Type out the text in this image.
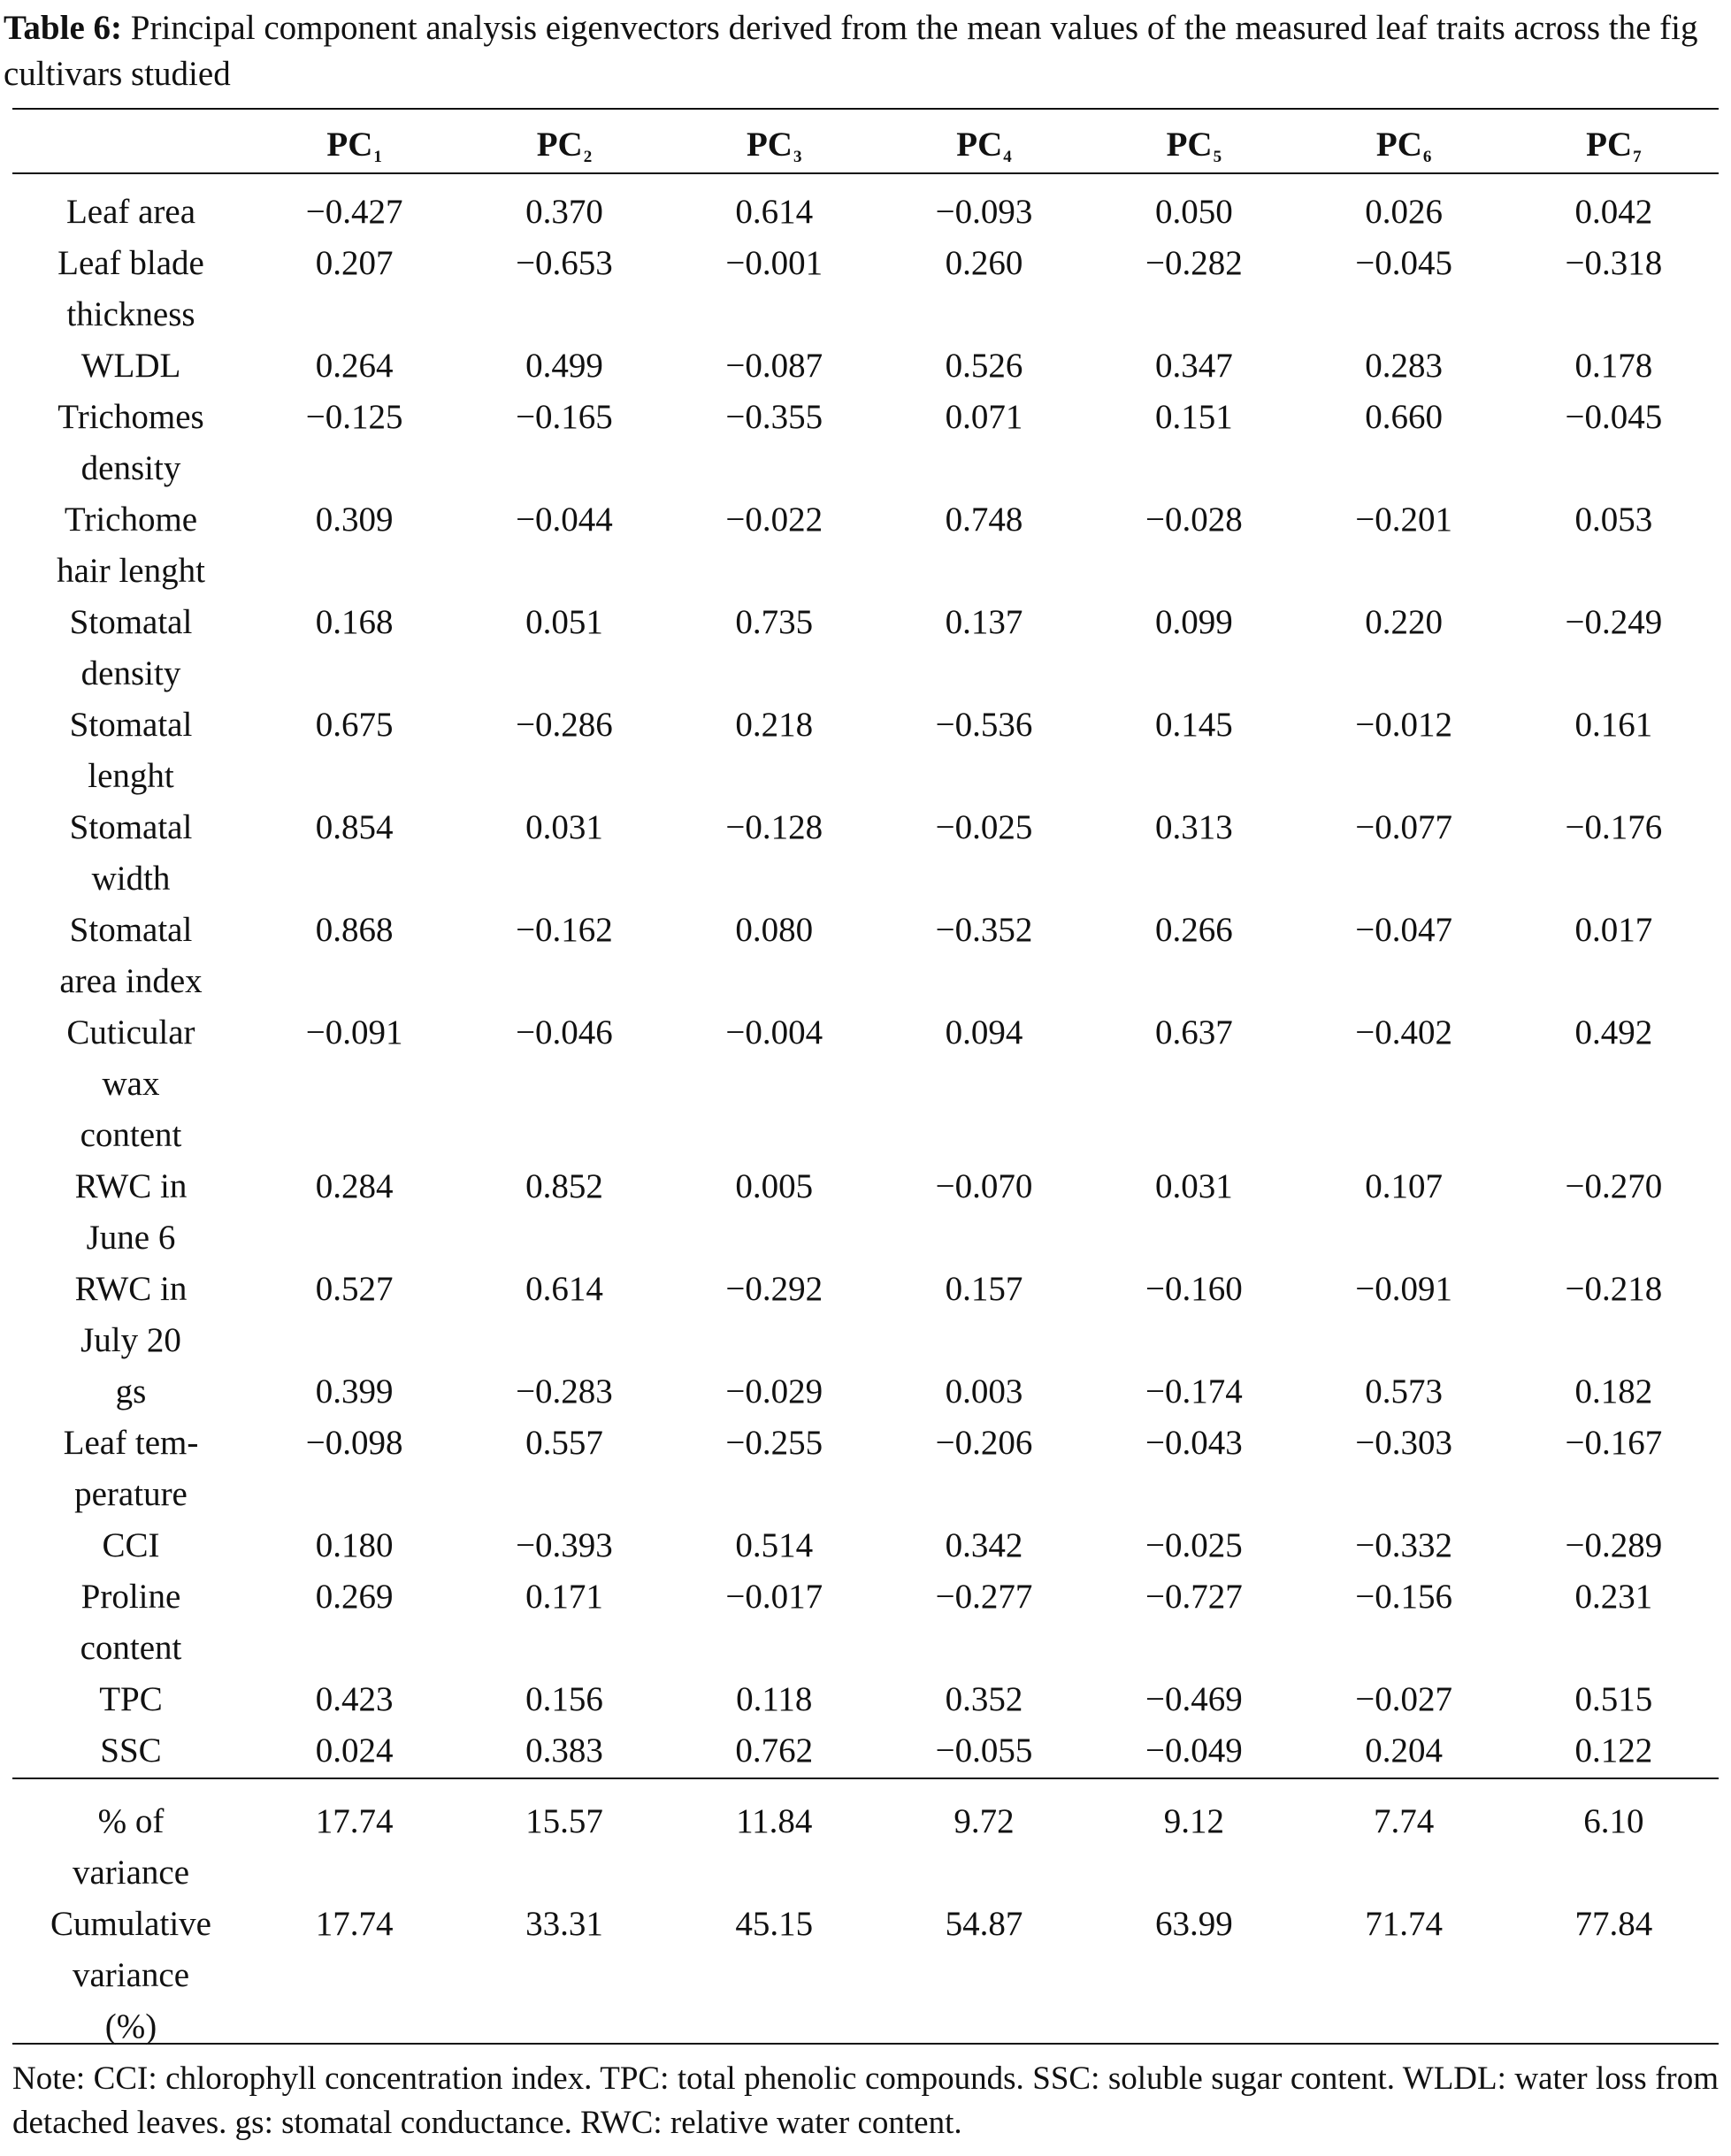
Table 6: Principal component analysis eigenvectors derived from the mean values of the measured leaf traits across the fig cultivars studied
	$PC_1$	$PC_2$	$PC_3$	$PC_4$	$PC_5$	$PC_6$	$PC_7$
Leaf area	−0.427	0.370	0.614	−0.093	0.050	0.026	0.042
Leaf blade
thickness	0.207	−0.653	−0.001	0.260	−0.282	−0.045	−0.318
WLDL	0.264	0.499	−0.087	0.526	0.347	0.283	0.178
Trichomes
density	−0.125	−0.165	−0.355	0.071	0.151	0.660	−0.045
Trichome
hair lenght	0.309	−0.044	−0.022	0.748	−0.028	−0.201	0.053
Stomatal
density	0.168	0.051	0.735	0.137	0.099	0.220	−0.249
Stomatal
lenght	0.675	−0.286	0.218	−0.536	0.145	−0.012	0.161
Stomatal
width	0.854	0.031	−0.128	−0.025	0.313	−0.077	−0.176
Stomatal
area index	0.868	−0.162	0.080	−0.352	0.266	−0.047	0.017
Cuticular
wax
content	−0.091	−0.046	−0.004	0.094	0.637	−0.402	0.492
RWC in
June 6	0.284	0.852	0.005	−0.070	0.031	0.107	−0.270
RWC in
July 20	0.527	0.614	−0.292	0.157	−0.160	−0.091	−0.218
gs	0.399	−0.283	−0.029	0.003	−0.174	0.573	0.182
Leaf tem-
perature	−0.098	0.557	−0.255	−0.206	−0.043	−0.303	−0.167
CCI	0.180	−0.393	0.514	0.342	−0.025	−0.332	−0.289
Proline
content	0.269	0.171	−0.017	−0.277	−0.727	−0.156	0.231
TPC	0.423	0.156	0.118	0.352	−0.469	−0.027	0.515
SSC	0.024	0.383	0.762	−0.055	−0.049	0.204	0.122
% of
variance	17.74	15.57	11.84	9.72	9.12	7.74	6.10
Cumulative
variance
(%)	17.74	33.31	45.15	54.87	63.99	71.74	77.84
Note: CCI: chlorophyll concentration index. TPC: total phenolic compounds. SSC: soluble sugar content. WLDL: water loss from detached leaves. gs: stomatal conductance. RWC: relative water content.
